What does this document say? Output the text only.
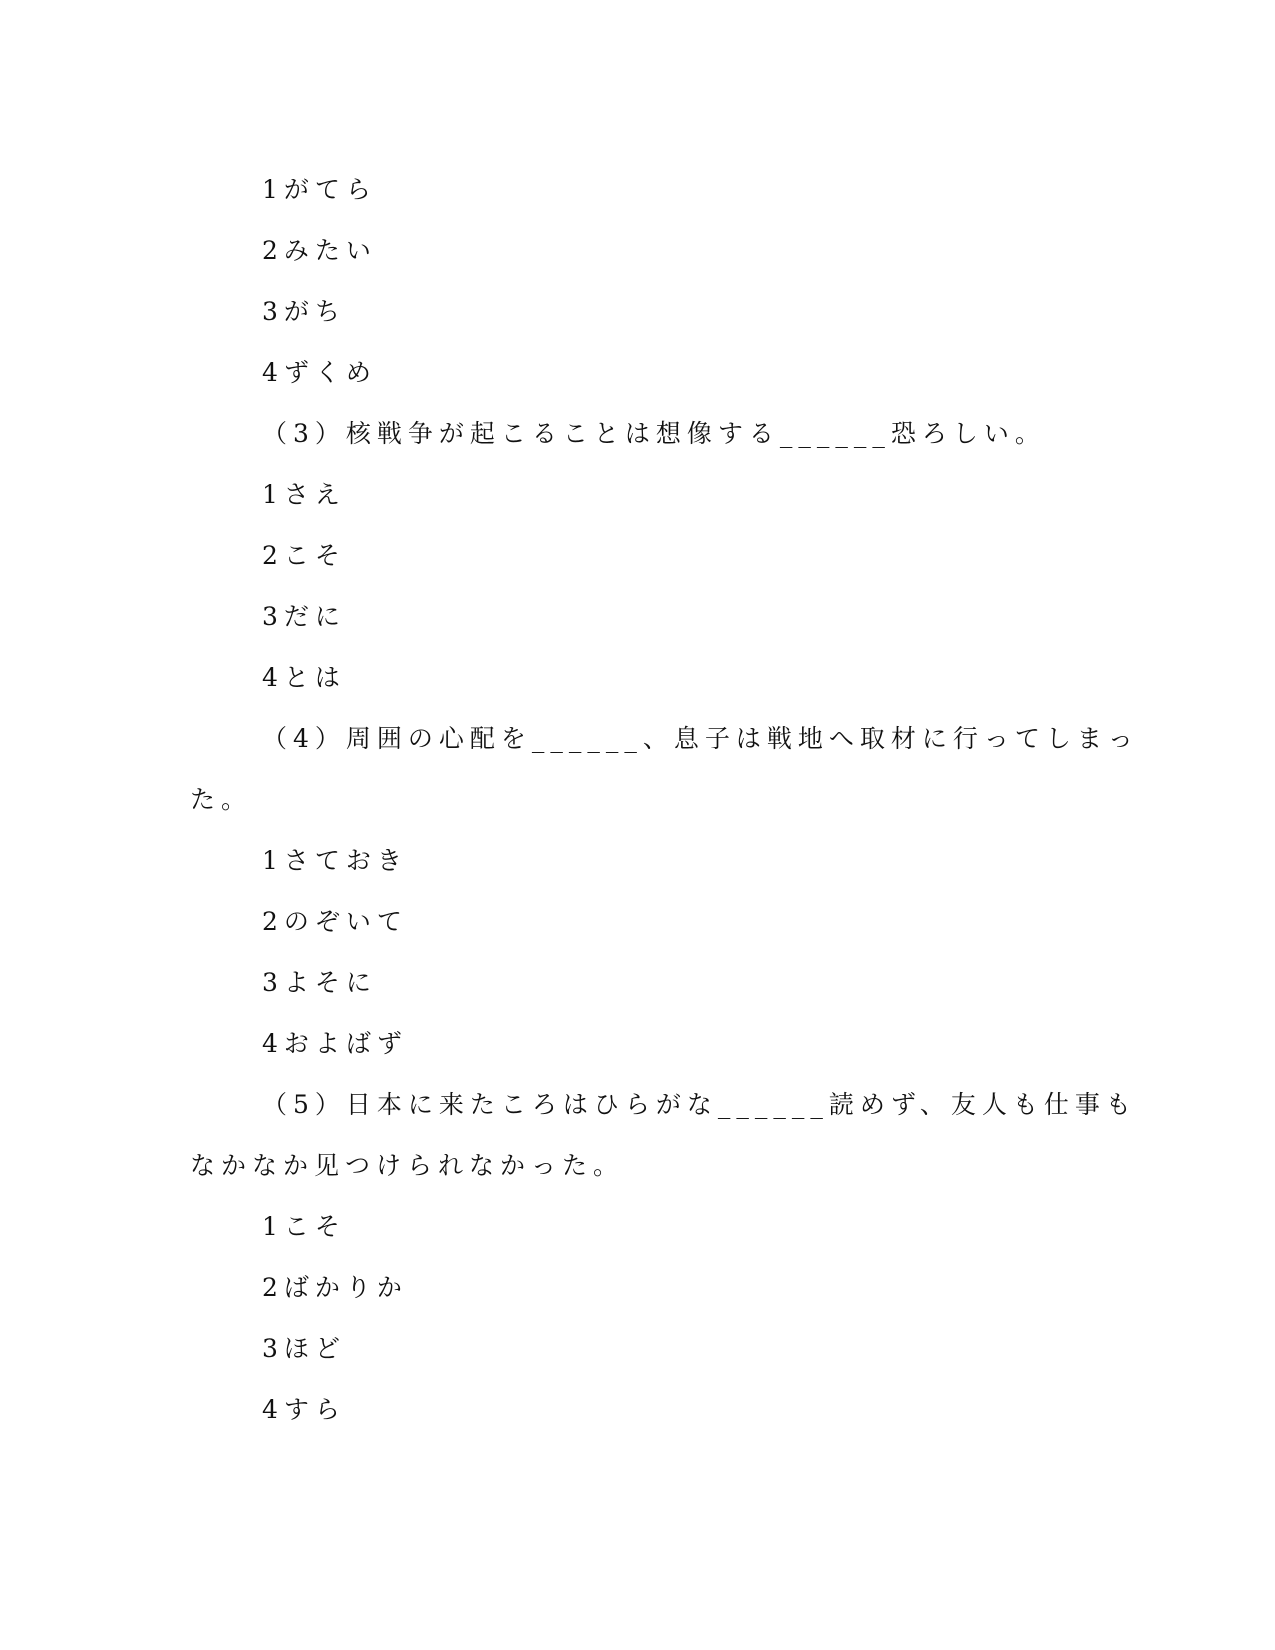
1がてら
2みたい
3がち
4ずくめ
（3）核戦争が起こることは想像する______恐ろしい。
1さえ
2こそ
3だに
4とは
（4）周囲の心配を______、息子は戦地へ取材に行ってしまっ
た。
1さておき
2のぞいて
3よそに
4およばず
（5）日本に来たころはひらがな______読めず、友人も仕事も
なかなか见つけられなかった。
1こそ
2ばかりか
3ほど
4すら
